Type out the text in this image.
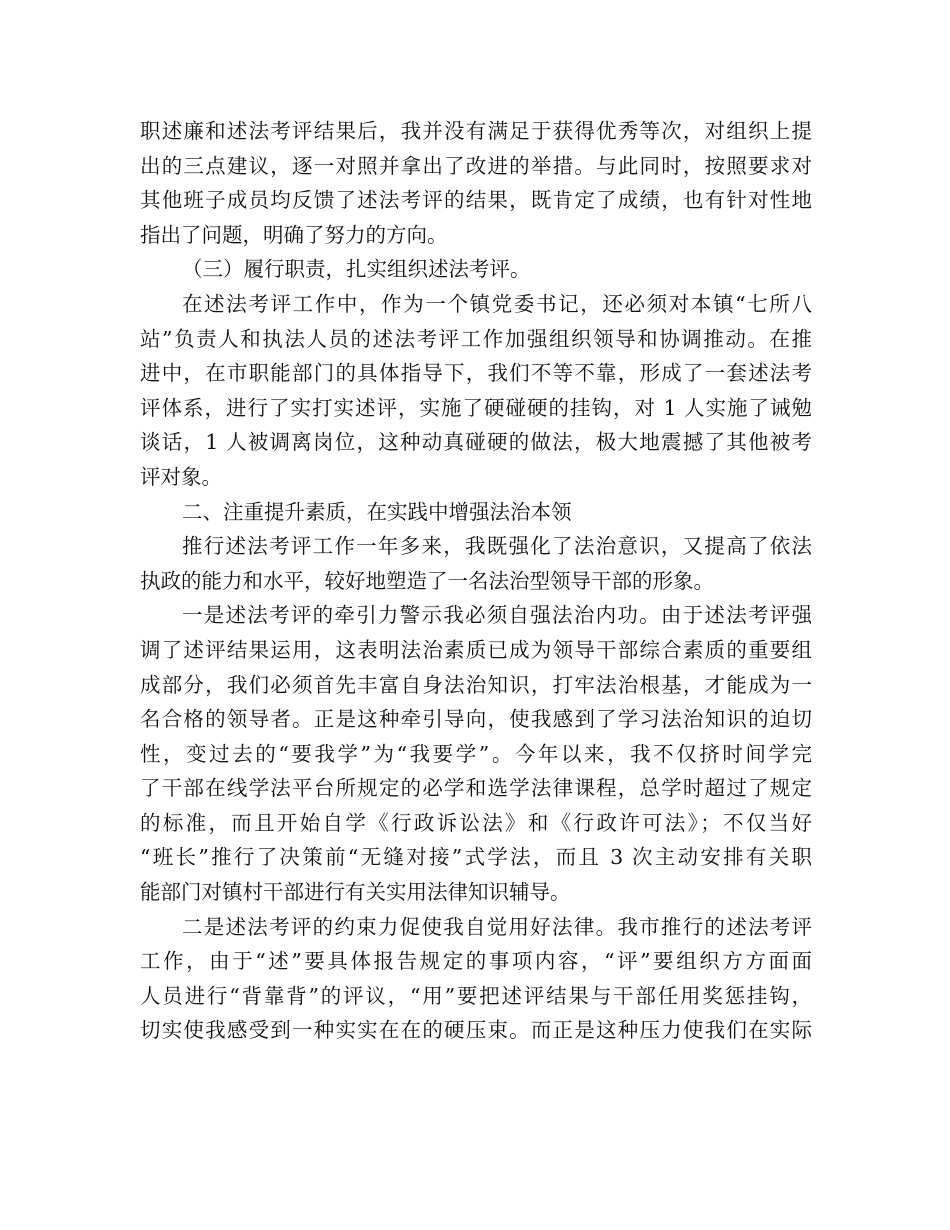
职述廉和述法考评结果后，我并没有满足于获得优秀等次，对组织上提
出的三点建议，逐一对照并拿出了改进的举措。与此同时，按照要求对
其他班子成员均反馈了述法考评的结果，既肯定了成绩，也有针对性地
指出了问题，明确了努力的方向。
（三）履行职责，扎实组织述法考评。
在述法考评工作中，作为一个镇党委书记，还必须对本镇“七所八
站”负责人和执法人员的述法考评工作加强组织领导和协调推动。在推
进中，在市职能部门的具体指导下，我们不等不靠，形成了一套述法考
评体系，进行了实打实述评，实施了硬碰硬的挂钩，对 1 人实施了诫勉
谈话，1 人被调离岗位，这种动真碰硬的做法，极大地震撼了其他被考
评对象。
二、注重提升素质，在实践中增强法治本领
推行述法考评工作一年多来，我既强化了法治意识，又提高了依法
执政的能力和水平，较好地塑造了一名法治型领导干部的形象。
一是述法考评的牵引力警示我必须自强法治内功。由于述法考评强
调了述评结果运用，这表明法治素质已成为领导干部综合素质的重要组
成部分，我们必须首先丰富自身法治知识，打牢法治根基，才能成为一
名合格的领导者。正是这种牵引导向，使我感到了学习法治知识的迫切
性，变过去的“要我学”为“我要学”。今年以来，我不仅挤时间学完
了干部在线学法平台所规定的必学和选学法律课程，总学时超过了规定
的标准，而且开始自学《行政诉讼法》和《行政许可法》；不仅当好
“班长”推行了决策前“无缝对接”式学法，而且 3 次主动安排有关职
能部门对镇村干部进行有关实用法律知识辅导。
二是述法考评的约束力促使我自觉用好法律。我市推行的述法考评
工作，由于“述”要具体报告规定的事项内容，“评”要组织方方面面
人员进行“背靠背”的评议，“用”要把述评结果与干部任用奖惩挂钩，
切实使我感受到一种实实在在的硬压束。而正是这种压力使我们在实际
